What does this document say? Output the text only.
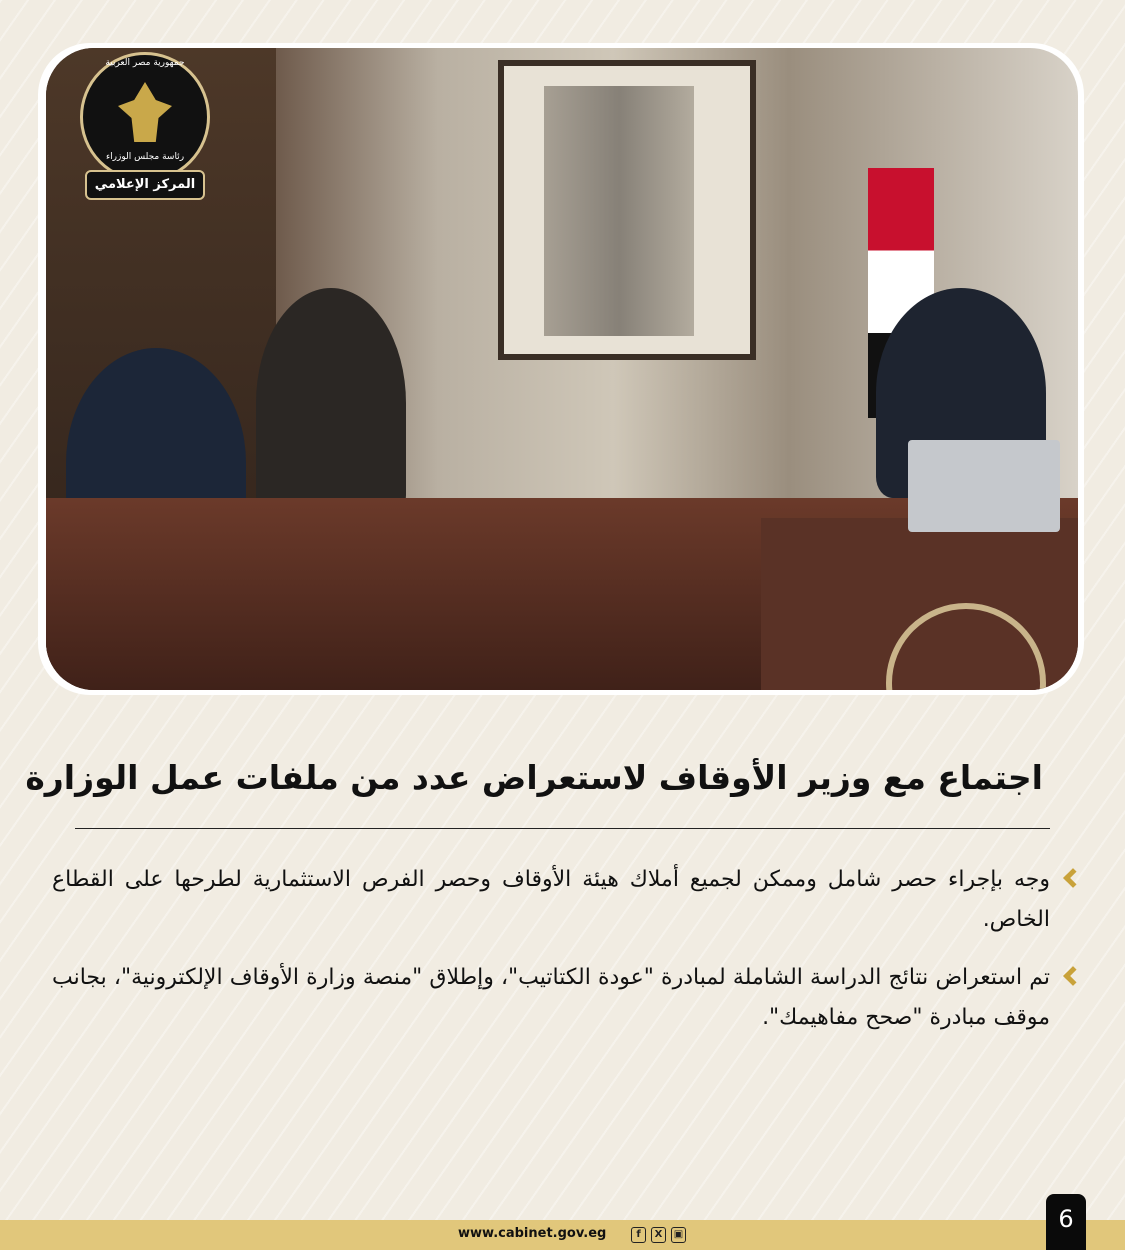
جمهورية مصر العربية
رئاسة مجلس الوزراء
المركز الإعلامي
اجتماع مع وزير الأوقاف لاستعراض عدد من ملفات عمل الوزارة
وجه بإجراء حصر شامل وممكن لجميع أملاك هيئة الأوقاف وحصر الفرص الاستثمارية لطرحها على القطاع الخاص.
تم استعراض نتائج الدراسة الشاملة لمبادرة "عودة الكتاتيب"، وإطلاق "منصة وزارة الأوقاف الإلكترونية"، بجانب موقف مبادرة "صحح مفاهيمك".
www.cabinet.gov.eg	f	X	▣
6
